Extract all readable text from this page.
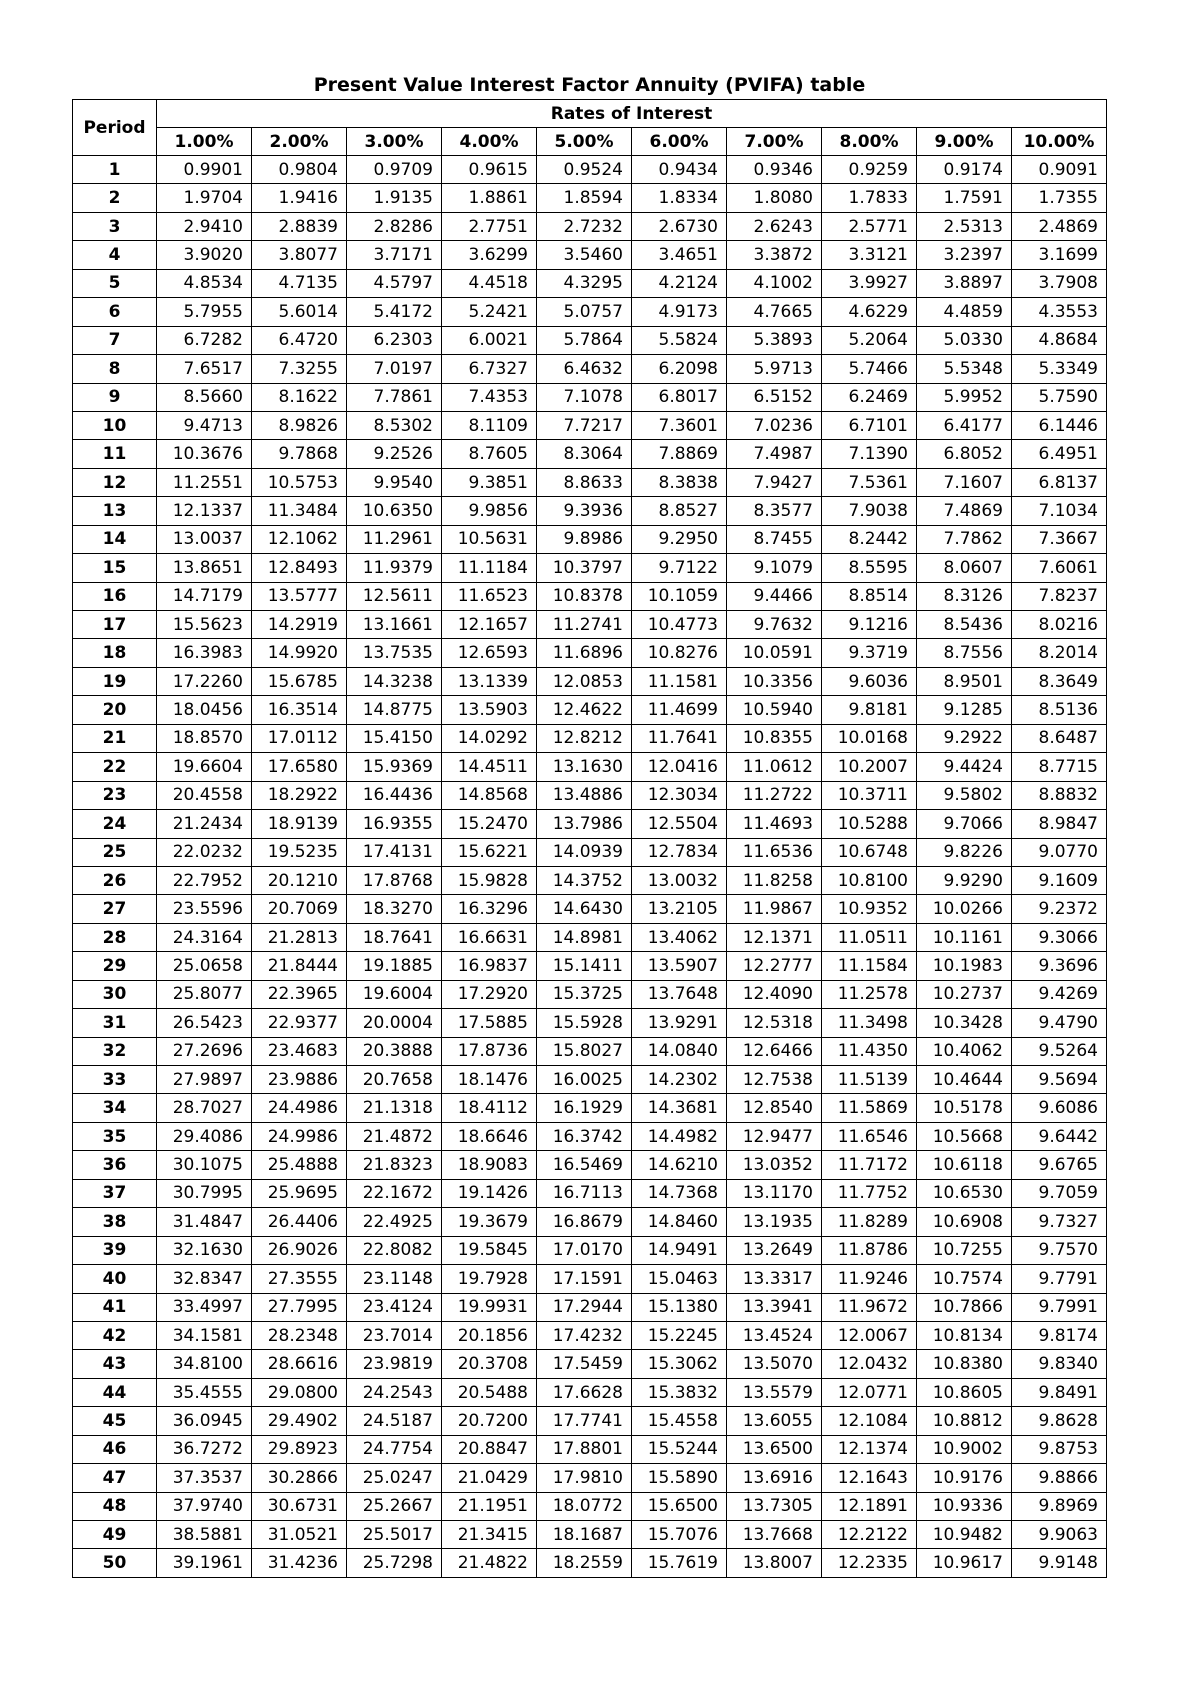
Present Value Interest Factor Annuity (PVIFA) table
Period	Rates of Interest									
	1.00%	2.00%	3.00%	4.00%	5.00%	6.00%	7.00%	8.00%	9.00%	10.00%
1	0.9901	0.9804	0.9709	0.9615	0.9524	0.9434	0.9346	0.9259	0.9174	0.9091
2	1.9704	1.9416	1.9135	1.8861	1.8594	1.8334	1.8080	1.7833	1.7591	1.7355
3	2.9410	2.8839	2.8286	2.7751	2.7232	2.6730	2.6243	2.5771	2.5313	2.4869
4	3.9020	3.8077	3.7171	3.6299	3.5460	3.4651	3.3872	3.3121	3.2397	3.1699
5	4.8534	4.7135	4.5797	4.4518	4.3295	4.2124	4.1002	3.9927	3.8897	3.7908
6	5.7955	5.6014	5.4172	5.2421	5.0757	4.9173	4.7665	4.6229	4.4859	4.3553
7	6.7282	6.4720	6.2303	6.0021	5.7864	5.5824	5.3893	5.2064	5.0330	4.8684
8	7.6517	7.3255	7.0197	6.7327	6.4632	6.2098	5.9713	5.7466	5.5348	5.3349
9	8.5660	8.1622	7.7861	7.4353	7.1078	6.8017	6.5152	6.2469	5.9952	5.7590
10	9.4713	8.9826	8.5302	8.1109	7.7217	7.3601	7.0236	6.7101	6.4177	6.1446
11	10.3676	9.7868	9.2526	8.7605	8.3064	7.8869	7.4987	7.1390	6.8052	6.4951
12	11.2551	10.5753	9.9540	9.3851	8.8633	8.3838	7.9427	7.5361	7.1607	6.8137
13	12.1337	11.3484	10.6350	9.9856	9.3936	8.8527	8.3577	7.9038	7.4869	7.1034
14	13.0037	12.1062	11.2961	10.5631	9.8986	9.2950	8.7455	8.2442	7.7862	7.3667
15	13.8651	12.8493	11.9379	11.1184	10.3797	9.7122	9.1079	8.5595	8.0607	7.6061
16	14.7179	13.5777	12.5611	11.6523	10.8378	10.1059	9.4466	8.8514	8.3126	7.8237
17	15.5623	14.2919	13.1661	12.1657	11.2741	10.4773	9.7632	9.1216	8.5436	8.0216
18	16.3983	14.9920	13.7535	12.6593	11.6896	10.8276	10.0591	9.3719	8.7556	8.2014
19	17.2260	15.6785	14.3238	13.1339	12.0853	11.1581	10.3356	9.6036	8.9501	8.3649
20	18.0456	16.3514	14.8775	13.5903	12.4622	11.4699	10.5940	9.8181	9.1285	8.5136
21	18.8570	17.0112	15.4150	14.0292	12.8212	11.7641	10.8355	10.0168	9.2922	8.6487
22	19.6604	17.6580	15.9369	14.4511	13.1630	12.0416	11.0612	10.2007	9.4424	8.7715
23	20.4558	18.2922	16.4436	14.8568	13.4886	12.3034	11.2722	10.3711	9.5802	8.8832
24	21.2434	18.9139	16.9355	15.2470	13.7986	12.5504	11.4693	10.5288	9.7066	8.9847
25	22.0232	19.5235	17.4131	15.6221	14.0939	12.7834	11.6536	10.6748	9.8226	9.0770
26	22.7952	20.1210	17.8768	15.9828	14.3752	13.0032	11.8258	10.8100	9.9290	9.1609
27	23.5596	20.7069	18.3270	16.3296	14.6430	13.2105	11.9867	10.9352	10.0266	9.2372
28	24.3164	21.2813	18.7641	16.6631	14.8981	13.4062	12.1371	11.0511	10.1161	9.3066
29	25.0658	21.8444	19.1885	16.9837	15.1411	13.5907	12.2777	11.1584	10.1983	9.3696
30	25.8077	22.3965	19.6004	17.2920	15.3725	13.7648	12.4090	11.2578	10.2737	9.4269
31	26.5423	22.9377	20.0004	17.5885	15.5928	13.9291	12.5318	11.3498	10.3428	9.4790
32	27.2696	23.4683	20.3888	17.8736	15.8027	14.0840	12.6466	11.4350	10.4062	9.5264
33	27.9897	23.9886	20.7658	18.1476	16.0025	14.2302	12.7538	11.5139	10.4644	9.5694
34	28.7027	24.4986	21.1318	18.4112	16.1929	14.3681	12.8540	11.5869	10.5178	9.6086
35	29.4086	24.9986	21.4872	18.6646	16.3742	14.4982	12.9477	11.6546	10.5668	9.6442
36	30.1075	25.4888	21.8323	18.9083	16.5469	14.6210	13.0352	11.7172	10.6118	9.6765
37	30.7995	25.9695	22.1672	19.1426	16.7113	14.7368	13.1170	11.7752	10.6530	9.7059
38	31.4847	26.4406	22.4925	19.3679	16.8679	14.8460	13.1935	11.8289	10.6908	9.7327
39	32.1630	26.9026	22.8082	19.5845	17.0170	14.9491	13.2649	11.8786	10.7255	9.7570
40	32.8347	27.3555	23.1148	19.7928	17.1591	15.0463	13.3317	11.9246	10.7574	9.7791
41	33.4997	27.7995	23.4124	19.9931	17.2944	15.1380	13.3941	11.9672	10.7866	9.7991
42	34.1581	28.2348	23.7014	20.1856	17.4232	15.2245	13.4524	12.0067	10.8134	9.8174
43	34.8100	28.6616	23.9819	20.3708	17.5459	15.3062	13.5070	12.0432	10.8380	9.8340
44	35.4555	29.0800	24.2543	20.5488	17.6628	15.3832	13.5579	12.0771	10.8605	9.8491
45	36.0945	29.4902	24.5187	20.7200	17.7741	15.4558	13.6055	12.1084	10.8812	9.8628
46	36.7272	29.8923	24.7754	20.8847	17.8801	15.5244	13.6500	12.1374	10.9002	9.8753
47	37.3537	30.2866	25.0247	21.0429	17.9810	15.5890	13.6916	12.1643	10.9176	9.8866
48	37.9740	30.6731	25.2667	21.1951	18.0772	15.6500	13.7305	12.1891	10.9336	9.8969
49	38.5881	31.0521	25.5017	21.3415	18.1687	15.7076	13.7668	12.2122	10.9482	9.9063
50	39.1961	31.4236	25.7298	21.4822	18.2559	15.7619	13.8007	12.2335	10.9617	9.9148
